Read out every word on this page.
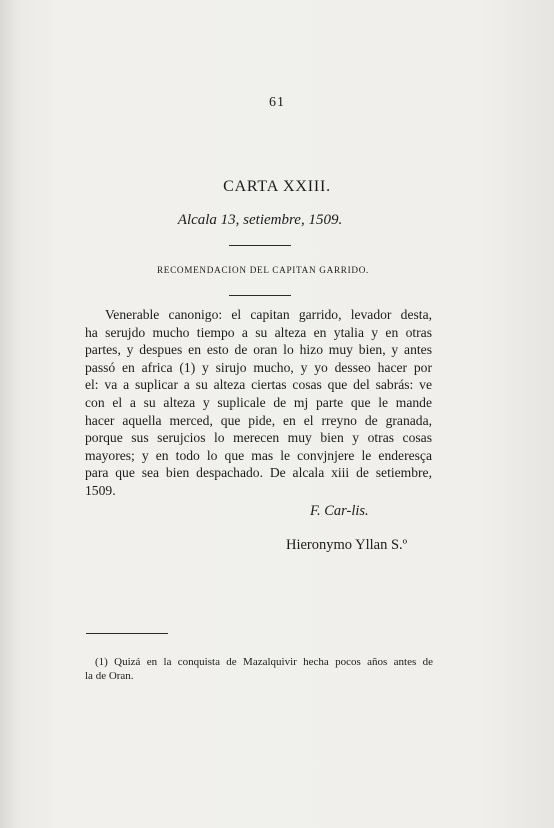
61
CARTA XXIII.
Alcala 13, setiembre, 1509.
RECOMENDACION DEL CAPITAN GARRIDO.
Venerable canonigo: el capitan garrido, levador desta,
ha serujdo mucho tiempo a su alteza en ytalia y en otras
partes, y despues en esto de oran lo hizo muy bien, y antes
passó en africa (1) y sirujo mucho, y yo desseo hacer por
el: va a suplicar a su alteza ciertas cosas que del sabrás: ve
con el a su alteza y suplicale de mj parte que le mande
hacer aquella merced, que pide, en el rreyno de granada,
porque sus serujcios lo merecen muy bien y otras cosas
mayores; y en todo lo que mas le convjnjere le enderesça
para que sea bien despachado. De alcala xiii de setiembre,
1509.
F. Car-lis.
Hieronymo Yllan S.º
(1) Quizá en la conquista de Mazalquivir hecha pocos años antes de
la de Oran.
